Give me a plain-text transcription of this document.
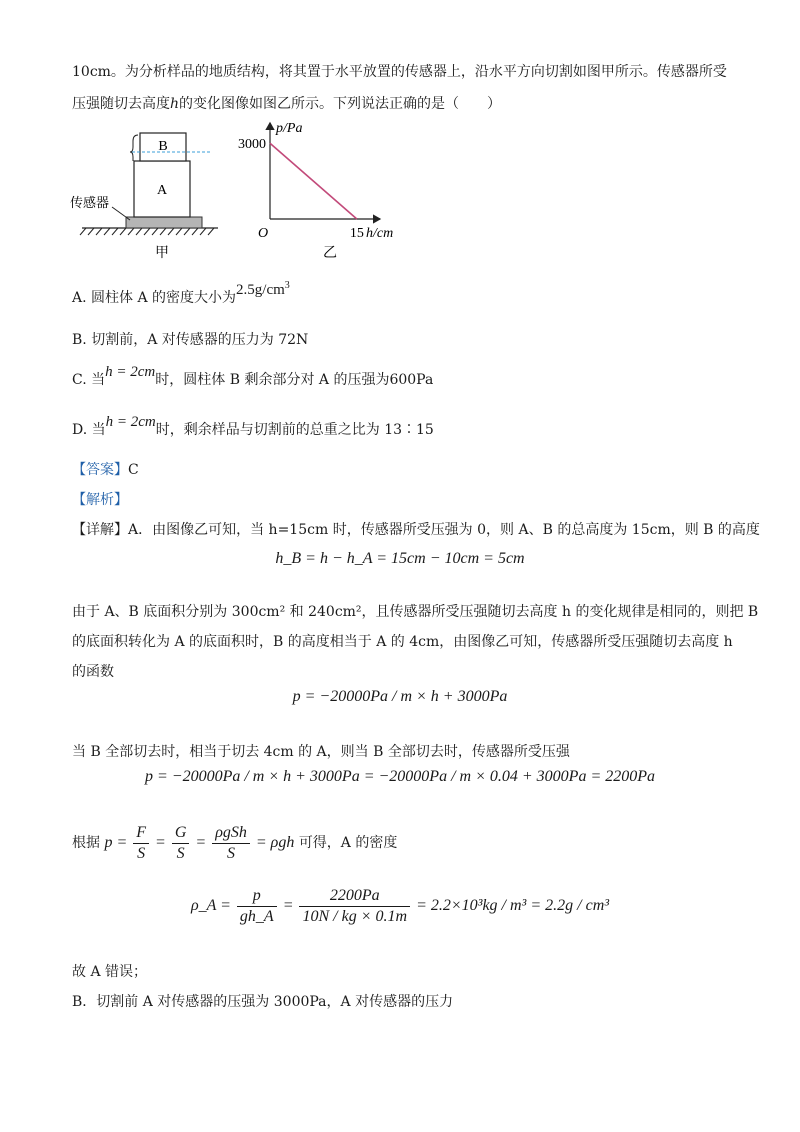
10cm。为分析样品的地质结构，将其置于水平放置的传感器上，沿水平方向切割如图甲所示。传感器所受
压强随切去高度h的变化图像如图乙所示。下列说法正确的是（　　）
A
B
传感器
甲
p/Pa
h/cm
O
3000
15
乙
A. 圆柱体 A 的密度大小为$2.5g/cm^3$
B. 切割前，A 对传感器的压力为 72N
C. 当h = 2cm时，圆柱体 B 剩余部分对 A 的压强为600Pa
D. 当h = 2cm时，剩余样品与切割前的总重之比为 13∶15
【答案】C
【解析】
【详解】A．由图像乙可知，当 h=15cm 时，传感器所受压强为 0，则 A、B 的总高度为 15cm，则 B 的高度
h_B = h − h_A = 15cm − 10cm = 5cm
由于 A、B 底面积分别为 300cm² 和 240cm²，且传感器所受压强随切去高度 h 的变化规律是相同的，则把 B
的底面积转化为 A 的底面积时，B 的高度相当于 A 的 4cm，由图像乙可知，传感器所受压强随切去高度 h
的函数
p = −20000Pa / m × h + 3000Pa
当 B 全部切去时，相当于切去 4cm 的 A，则当 B 全部切去时，传感器所受压强
p = −20000Pa / m × h + 3000Pa = −20000Pa / m × 0.04 + 3000Pa = 2200Pa
根据 $p = \frac{F}{S} = \frac{G}{S} = \frac{\text{ρgSh}}{S} = \rho gh$ 可得，A 的密度
ρ_A = $\frac{p}{gh\_A} = \frac{2200Pa}{10N / kg \times 0.1m} = 2.2\times 10^3kg / m^3 = 2.2g / cm^3$
故 A 错误；
B．切割前 A 对传感器的压强为 3000Pa，A 对传感器的压力
